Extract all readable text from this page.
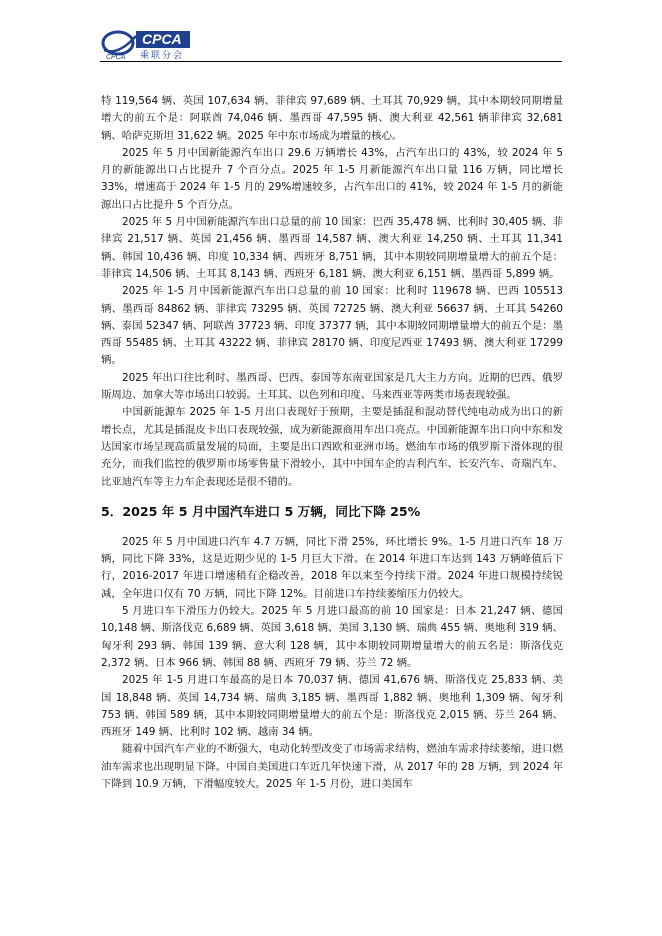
CPCA
CPCA
乘联分会

特 119,564 辆、英国 107,634 辆、菲律宾 97,689 辆、土耳其 70,929 辆，其中本期较同期增量增大的前五个是：阿联酋 74,046 辆、墨西哥 47,595 辆、澳大利亚 42,561 辆菲律宾 32,681 辆、哈萨克斯坦 31,622 辆。2025 年中东市场成为增量的核心。

2025 年 5 月中国新能源汽车出口 29.6 万辆增长 43%，占汽车出口的 43%，较 2024 年 5 月的新能源出口占比提升 7 个百分点。2025 年 1-5 月新能源汽车出口量 116 万辆，同比增长 33%，增速高于 2024 年 1-5 月的 29%增速较多，占汽车出口的 41%，较 2024 年 1-5 月的新能源出口占比提升 5 个百分点。

2025 年 5 月中国新能源汽车出口总量的前 10 国家：巴西 35,478 辆、比利时 30,405 辆、菲律宾 21,517 辆、英国 21,456 辆、墨西哥 14,587 辆、澳大利亚 14,250 辆、土耳其 11,341 辆、韩国 10,436 辆、印度 10,334 辆、西班牙 8,751 辆，其中本期较同期增量增大的前五个是：菲律宾 14,506 辆、土耳其 8,143 辆、西班牙 6,181 辆、澳大利亚 6,151 辆、墨西哥 5,899 辆。

2025 年 1-5 月中国新能源汽车出口总量的前 10 国家：比利时 119678 辆、巴西 105513 辆、墨西哥 84862 辆、菲律宾 73295 辆、英国 72725 辆、澳大利亚 56637 辆、土耳其 54260 辆、泰国 52347 辆、阿联酋 37723 辆、印度 37377 辆，其中本期较同期增量增大的前五个是：墨西哥 55485 辆、土耳其 43222 辆、菲律宾 28170 辆、印度尼西亚 17493 辆、澳大利亚 17299 辆。

2025 年出口往比利时、墨西哥、巴西、泰国等东南亚国家是几大主力方向。近期的巴西、俄罗斯周边、加拿大等市场出口较弱。土耳其、以色列和印度、马来西亚等两类市场表现较强。

中国新能源车 2025 年 1-5 月出口表现好于预期，主要是插混和混动替代纯电动成为出口的新增长点，尤其是插混皮卡出口表现较强，成为新能源商用车出口亮点。中国新能源车出口向中东和发达国家市场呈现高质量发展的局面，主要是出口西欧和亚洲市场。燃油车市场的俄罗斯下滑体现的很充分，而我们监控的俄罗斯市场零售量下滑较小，其中中国车企的吉利汽车、长安汽车、奇瑞汽车、比亚迪汽车等主力车企表现还是很不错的。

5．2025 年 5 月中国汽车进口 5 万辆，同比下降 25%

2025 年 5 月中国进口汽车 4.7 万辆，同比下滑 25%，环比增长 9%。1-5 月进口汽车 18 万辆，同比下降 33%，这是近期少见的 1-5 月巨大下滑。在 2014 年进口车达到 143 万辆峰值后下行，2016-2017 年进口增速稍有企稳改善，2018 年以来至今持续下滑。2024 年进口规模持续锐减，全年进口仅有 70 万辆，同比下降 12%。目前进口车持续萎缩压力仍较大。

5 月进口车下滑压力仍较大。2025 年 5 月进口最高的前 10 国家是：日本 21,247 辆、德国 10,148 辆、斯洛伐克 6,689 辆、英国 3,618 辆、美国 3,130 辆、瑞典 455 辆、奥地利 319 辆、匈牙利 293 辆、韩国 139 辆、意大利 128 辆，其中本期较同期增量增大的前五名是：斯洛伐克 2,372 辆、日本 966 辆、韩国 88 辆、西班牙 79 辆、芬兰 72 辆。

2025 年 1-5 月进口车最高的是日本 70,037 辆、德国 41,676 辆、斯洛伐克 25,833 辆、美国 18,848 辆、英国 14,734 辆、瑞典 3,185 辆、墨西哥 1,882 辆、奥地利 1,309 辆、匈牙利 753 辆、韩国 589 辆，其中本期较同期增量增大的前五个是：斯洛伐克 2,015 辆、芬兰 264 辆、西班牙 149 辆、比利时 102 辆、越南 34 辆。

随着中国汽车产业的不断强大，电动化转型改变了市场需求结构，燃油车需求持续萎缩，进口燃油车需求也出现明显下降。中国自美国进口车近几年快速下滑，从 2017 年的 28 万辆，到 2024 年下降到 10.9 万辆，下滑幅度较大。2025 年 1-5 月份，进口美国车
